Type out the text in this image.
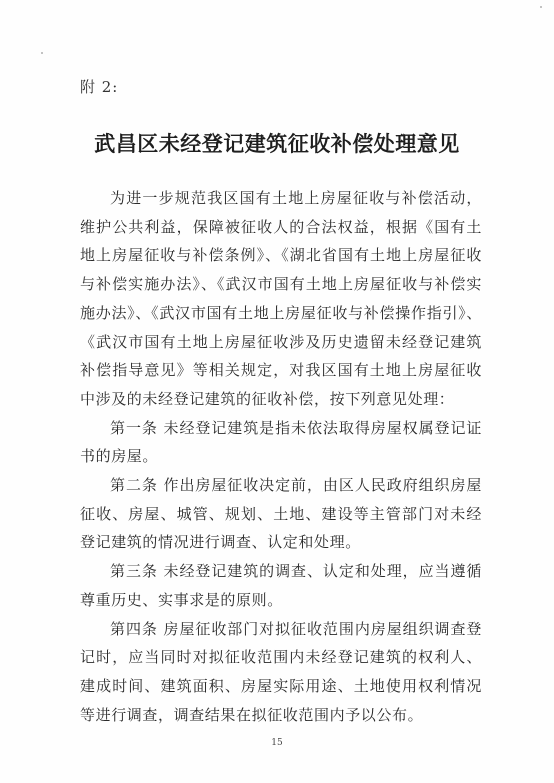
附 2:
武昌区未经登记建筑征收补偿处理意见

为进一步规范我区国有土地上房屋征收与补偿活动，维护公共利益，保障被征收人的合法权益，根据《国有土地上房屋征收与补偿条例》、《湖北省国有土地上房屋征收与补偿实施办法》、《武汉市国有土地上房屋征收与补偿实施办法》、《武汉市国有土地上房屋征收与补偿操作指引》、《武汉市国有土地上房屋征收涉及历史遗留未经登记建筑补偿指导意见》等相关规定，对我区国有土地上房屋征收中涉及的未经登记建筑的征收补偿，按下列意见处理：

第一条 未经登记建筑是指未依法取得房屋权属登记证书的房屋。

第二条 作出房屋征收决定前，由区人民政府组织房屋征收、房屋、城管、规划、土地、建设等主管部门对未经登记建筑的情况进行调查、认定和处理。

第三条 未经登记建筑的调查、认定和处理，应当遵循尊重历史、实事求是的原则。

第四条 房屋征收部门对拟征收范围内房屋组织调查登记时，应当同时对拟征收范围内未经登记建筑的权利人、建成时间、建筑面积、房屋实际用途、土地使用权利情况等进行调查，调查结果在拟征收范围内予以公布。

15
